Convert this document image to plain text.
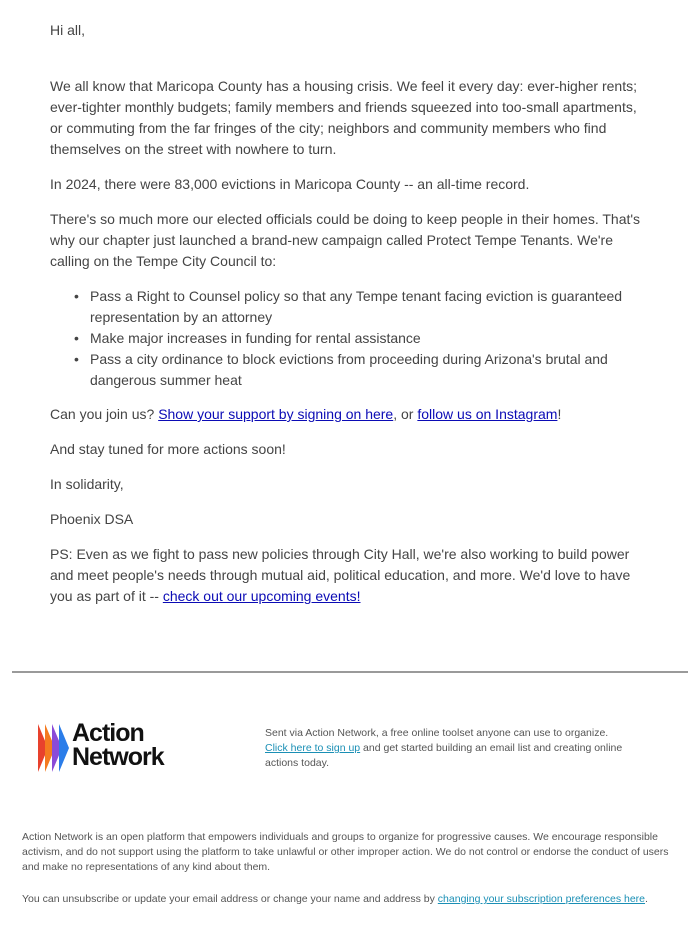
Hi all,

We all know that Maricopa County has a housing crisis. We feel it every day: ever-higher rents; ever-tighter monthly budgets; family members and friends squeezed into too-small apartments, or commuting from the far fringes of the city; neighbors and community members who find themselves on the street with nowhere to turn.

In 2024, there were 83,000 evictions in Maricopa County -- an all-time record.

There's so much more our elected officials could be doing to keep people in their homes. That's why our chapter just launched a brand-new campaign called Protect Tempe Tenants. We're calling on the Tempe City Council to:

• Pass a Right to Counsel policy so that any Tempe tenant facing eviction is guaranteed representation by an attorney
• Make major increases in funding for rental assistance
• Pass a city ordinance to block evictions from proceeding during Arizona's brutal and dangerous summer heat

Can you join us? Show your support by signing on here, or follow us on Instagram!

And stay tuned for more actions soon!

In solidarity,

Phoenix DSA

PS: Even as we fight to pass new policies through City Hall, we're also working to build power and meet people's needs through mutual aid, political education, and more. We'd love to have you as part of it -- check out our upcoming events!

Action
Network
Sent via Action Network, a free online toolset anyone can use to organize.
Click here to sign up and get started building an email list and creating online actions today.

Action Network is an open platform that empowers individuals and groups to organize for progressive causes. We encourage responsible activism, and do not support using the platform to take unlawful or other improper action. We do not control or endorse the conduct of users and make no representations of any kind about them.

You can unsubscribe or update your email address or change your name and address by changing your subscription preferences here.
